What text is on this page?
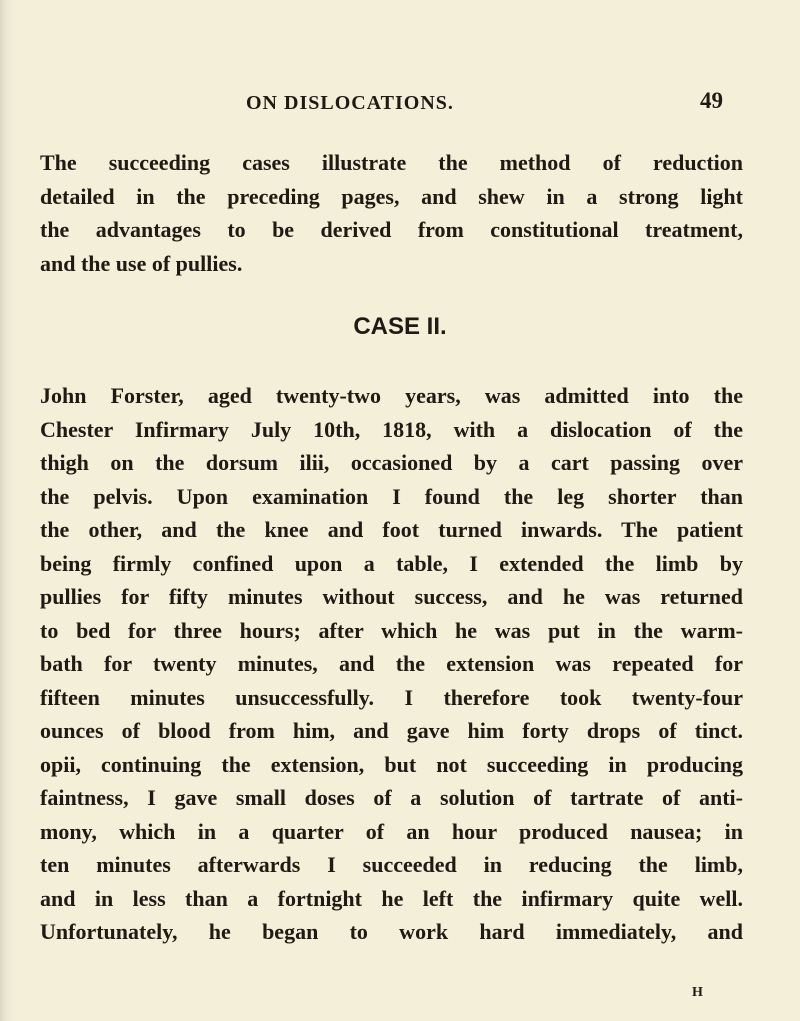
ON DISLOCATIONS.	49
The succeeding cases illustrate the method of reduction
detailed in the preceding pages, and shew in a strong light
the advantages to be derived from constitutional treatment,
and the use of pullies.
CASE II.
John Forster, aged twenty-two years, was admitted into the
Chester Infirmary July 10th, 1818, with a dislocation of the
thigh on the dorsum ilii, occasioned by a cart passing over
the pelvis. Upon examination I found the leg shorter than
the other, and the knee and foot turned inwards. The patient
being firmly confined upon a table, I extended the limb by
pullies for fifty minutes without success, and he was returned
to bed for three hours; after which he was put in the warm-
bath for twenty minutes, and the extension was repeated for
fifteen minutes unsuccessfully. I therefore took twenty-four
ounces of blood from him, and gave him forty drops of tinct.
opii, continuing the extension, but not succeeding in producing
faintness, I gave small doses of a solution of tartrate of anti-
mony, which in a quarter of an hour produced nausea; in
ten minutes afterwards I succeeded in reducing the limb,
and in less than a fortnight he left the infirmary quite well.
Unfortunately, he began to work hard immediately, and
H
